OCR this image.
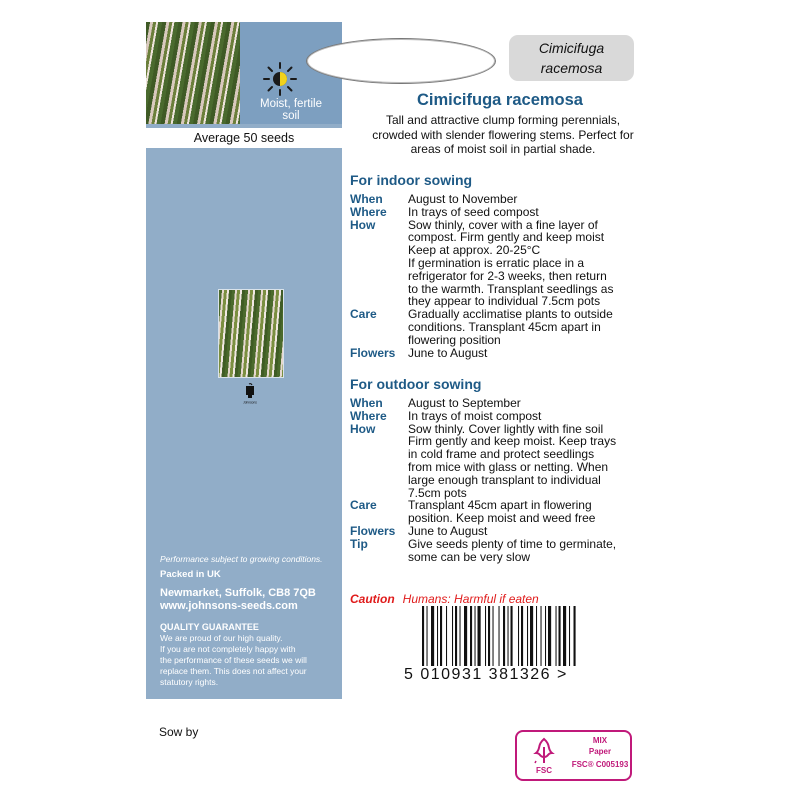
Moist, fertile
soil
Average 50 seeds
Johnsons
Performance subject to growing conditions.
Packed in UK
Newmarket, Suffolk, CB8 7QB
www.johnsons-seeds.com
QUALITY GUARANTEE
We are proud of our high quality.
If you are not completely happy with
the performance of these seeds we will
replace them. This does not affect your
statutory rights.
Cimicifuga
racemosa
Cimicifuga racemosa
Tall and attractive clump forming perennials,
crowded with slender flowering stems. Perfect for
areas of moist soil in partial shade.
For indoor sowing
When	August to November
Where	In trays of seed compost
How	Sow thinly, cover with a fine layer of
compost. Firm gently and keep moist
Keep at approx. 20-25°C
If germination is erratic place in a
refrigerator for 2-3 weeks, then return
to the warmth. Transplant seedlings as
they appear to individual 7.5cm pots
Care	Gradually acclimatise plants to outside
conditions. Transplant 45cm apart in
flowering position
Flowers	June to August
For outdoor sowing
When	August to September
Where	In trays of moist compost
How	Sow thinly. Cover lightly with fine soil
Firm gently and keep moist. Keep trays
in cold frame and protect seedlings
from mice with glass or netting. When
large enough transplant to individual
7.5cm pots
Care	Transplant 45cm apart in flowering
position. Keep moist and weed free
Flowers	June to August
Tip	Give seeds plenty of time to germinate,
some can be very slow
Caution Humans: Harmful if eaten
5 010931 381326 >
Sow by
FSC
MIX
Paper
FSC® C005193
